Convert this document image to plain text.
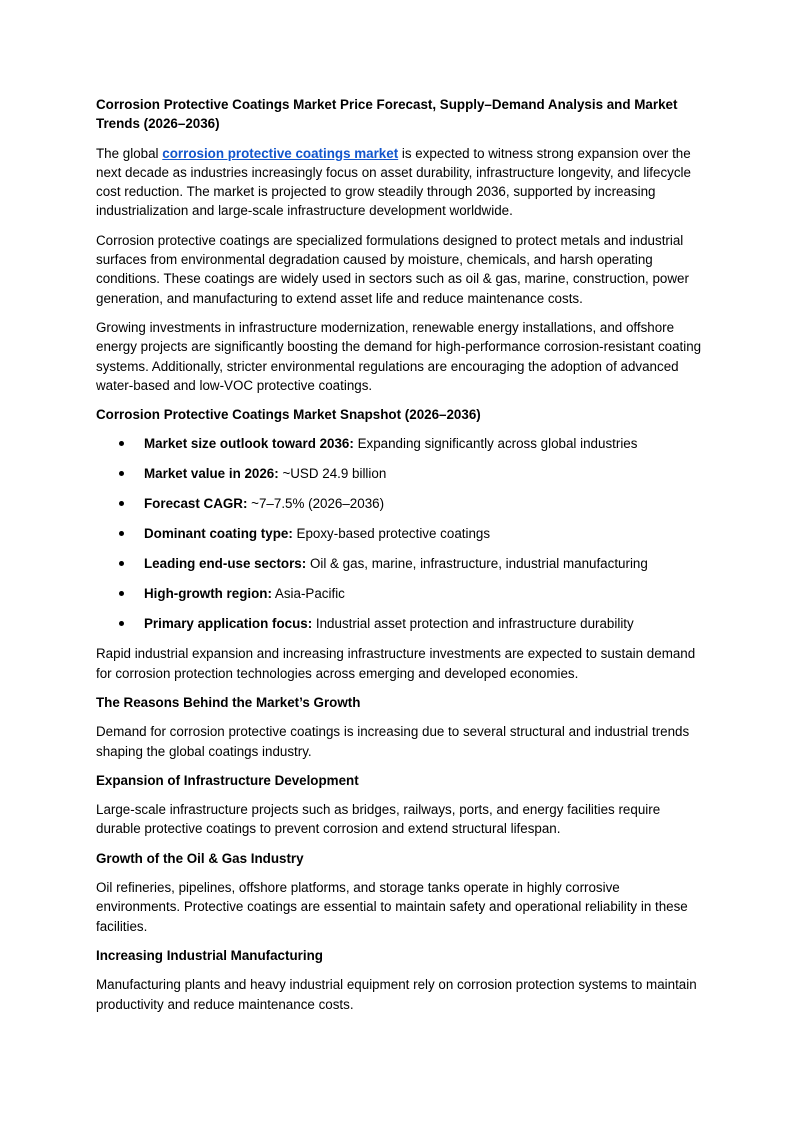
Corrosion Protective Coatings Market Price Forecast, Supply–Demand Analysis and Market Trends (2026–2036)

The global corrosion protective coatings market is expected to witness strong expansion over the next decade as industries increasingly focus on asset durability, infrastructure longevity, and lifecycle cost reduction. The market is projected to grow steadily through 2036, supported by increasing industrialization and large-scale infrastructure development worldwide.

Corrosion protective coatings are specialized formulations designed to protect metals and industrial surfaces from environmental degradation caused by moisture, chemicals, and harsh operating conditions. These coatings are widely used in sectors such as oil & gas, marine, construction, power generation, and manufacturing to extend asset life and reduce maintenance costs.

Growing investments in infrastructure modernization, renewable energy installations, and offshore energy projects are significantly boosting the demand for high-performance corrosion-resistant coating systems. Additionally, stricter environmental regulations are encouraging the adoption of advanced water-based and low-VOC protective coatings.

Corrosion Protective Coatings Market Snapshot (2026–2036)

Market size outlook toward 2036: Expanding significantly across global industries
Market value in 2026: ~USD 24.9 billion
Forecast CAGR: ~7–7.5% (2026–2036)
Dominant coating type: Epoxy-based protective coatings
Leading end-use sectors: Oil & gas, marine, infrastructure, industrial manufacturing
High-growth region: Asia-Pacific
Primary application focus: Industrial asset protection and infrastructure durability

Rapid industrial expansion and increasing infrastructure investments are expected to sustain demand for corrosion protection technologies across emerging and developed economies.

The Reasons Behind the Market’s Growth

Demand for corrosion protective coatings is increasing due to several structural and industrial trends shaping the global coatings industry.

Expansion of Infrastructure Development

Large-scale infrastructure projects such as bridges, railways, ports, and energy facilities require durable protective coatings to prevent corrosion and extend structural lifespan.

Growth of the Oil & Gas Industry

Oil refineries, pipelines, offshore platforms, and storage tanks operate in highly corrosive environments. Protective coatings are essential to maintain safety and operational reliability in these facilities.

Increasing Industrial Manufacturing

Manufacturing plants and heavy industrial equipment rely on corrosion protection systems to maintain productivity and reduce maintenance costs.
